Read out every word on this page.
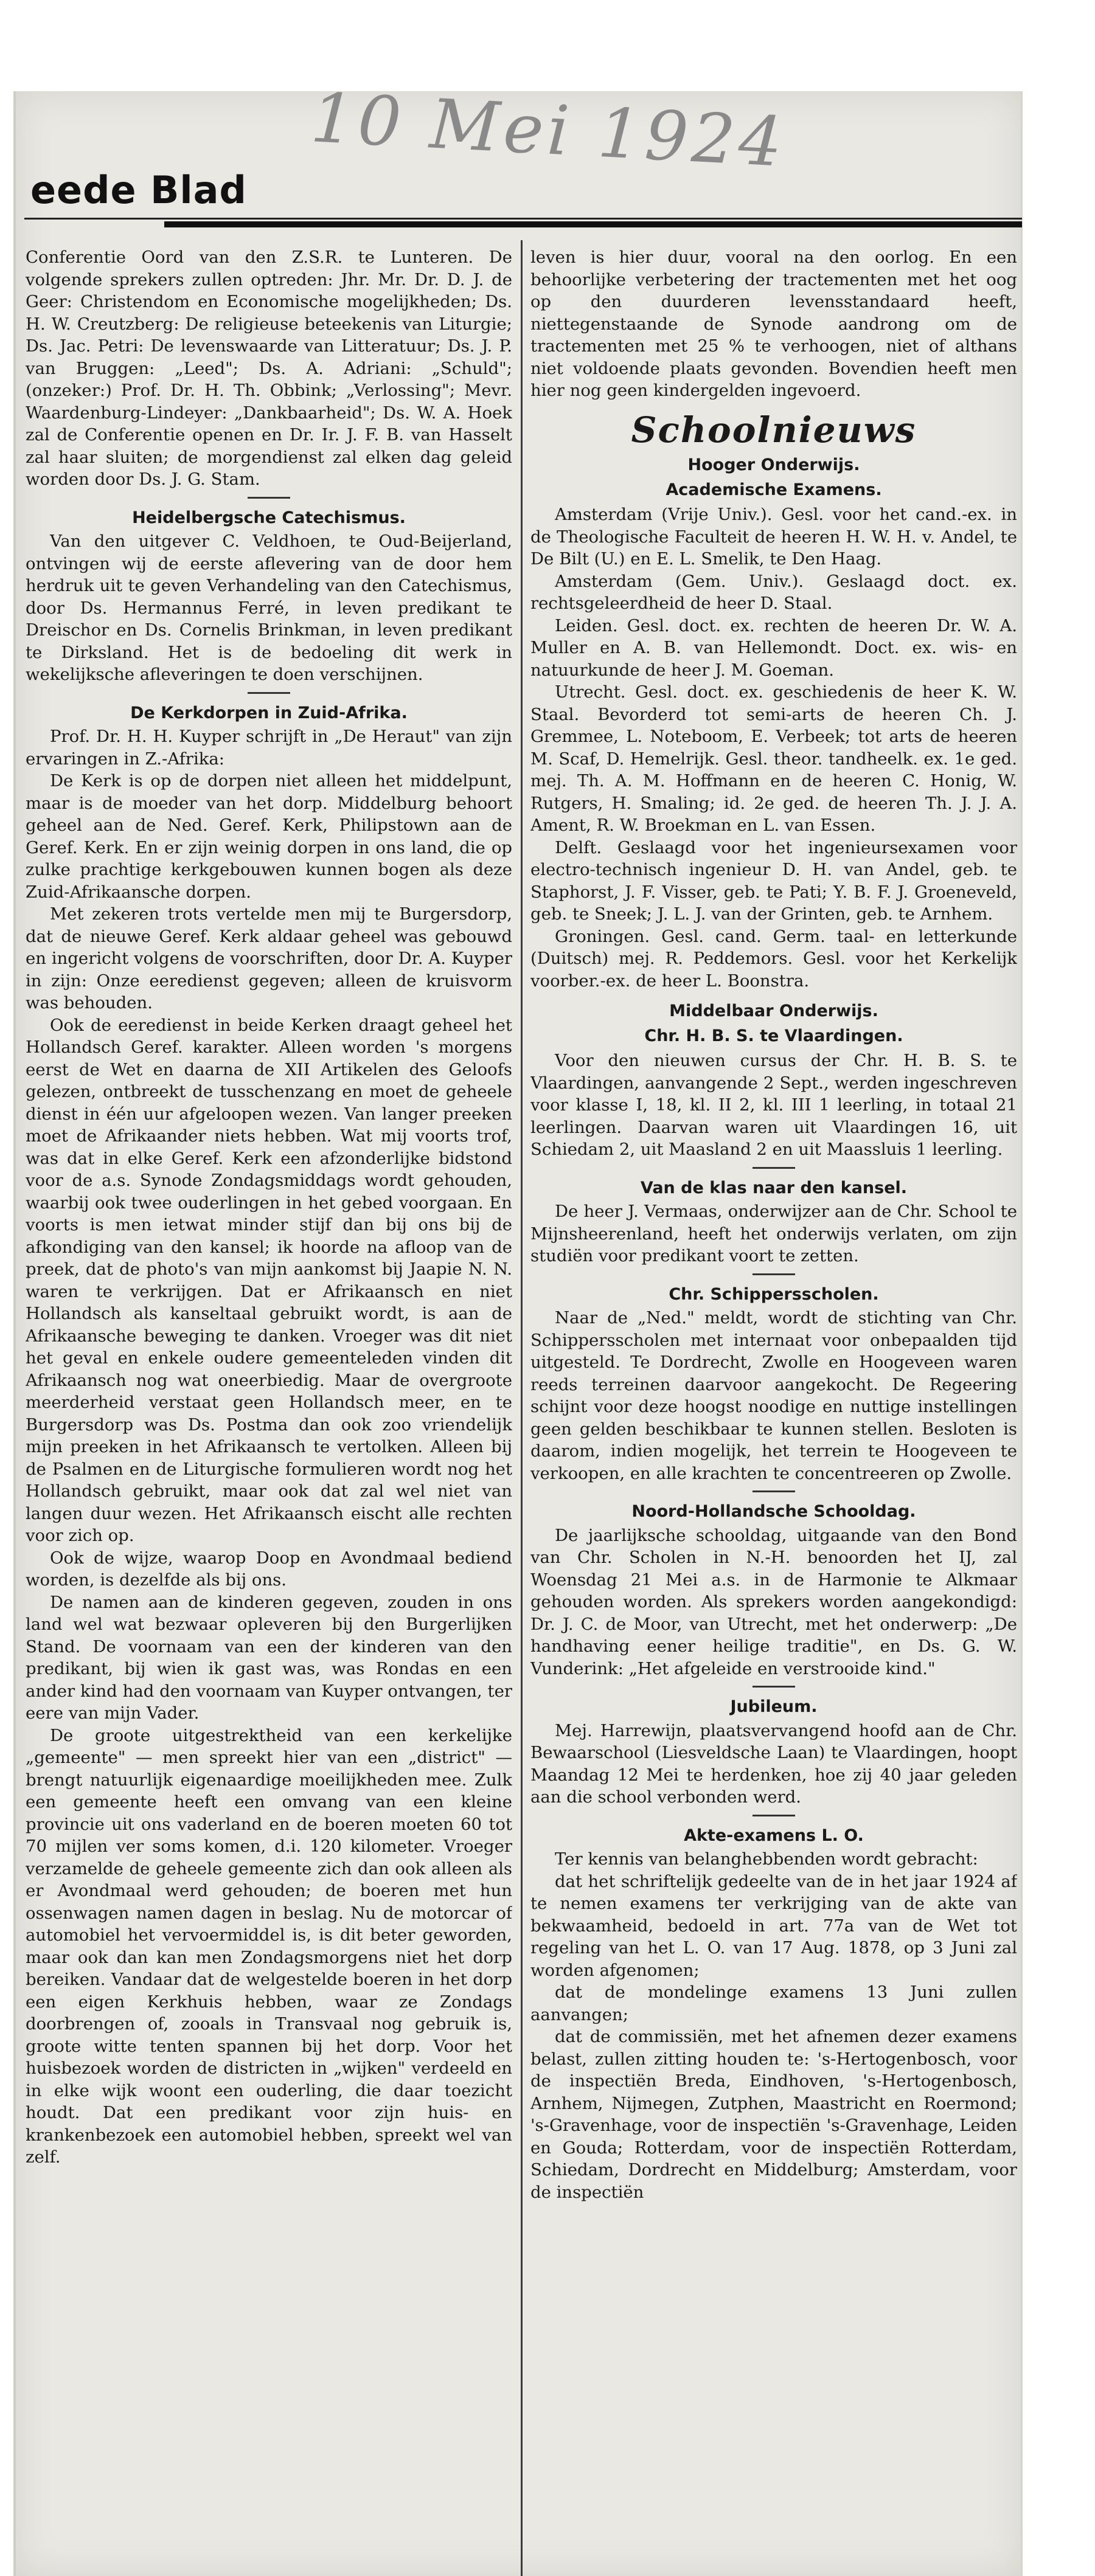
10 Mei 1924
eede Blad

Conferentie Oord van den Z.S.R. te Lunteren. De volgende sprekers zullen optreden: Jhr. Mr. Dr. D. J. de Geer: Christendom en Economische mogelijkheden; Ds. H. W. Creutzberg: De religieuse beteekenis van Liturgie; Ds. Jac. Petri: De levenswaarde van Litteratuur; Ds. J. P. van Bruggen: „Leed"; Ds. A. Adriani: „Schuld"; (onzeker:) Prof. Dr. H. Th. Obbink; „Verlossing"; Mevr. Waardenburg-Lindeyer: „Dankbaarheid"; Ds. W. A. Hoek zal de Conferentie openen en Dr. Ir. J. F. B. van Hasselt zal haar sluiten; de morgendienst zal elken dag geleid worden door Ds. J. G. Stam.

Heidelbergsche Catechismus.

Van den uitgever C. Veldhoen, te Oud-Beijerland, ontvingen wij de eerste aflevering van de door hem herdruk uit te geven Verhandeling van den Catechismus, door Ds. Hermannus Ferré, in leven predikant te Dreischor en Ds. Cornelis Brinkman, in leven predikant te Dirksland. Het is de bedoeling dit werk in wekelijksche afleveringen te doen verschijnen.

De Kerkdorpen in Zuid-Afrika.

Prof. Dr. H. H. Kuyper schrijft in „De Heraut" van zijn ervaringen in Z.-Afrika:

De Kerk is op de dorpen niet alleen het middelpunt, maar is de moeder van het dorp. Middelburg behoort geheel aan de Ned. Geref. Kerk, Philipstown aan de Geref. Kerk. En er zijn weinig dorpen in ons land, die op zulke prachtige kerkgebouwen kunnen bogen als deze Zuid-Afrikaansche dorpen.

Met zekeren trots vertelde men mij te Burgersdorp, dat de nieuwe Geref. Kerk aldaar geheel was gebouwd en ingericht volgens de voorschriften, door Dr. A. Kuyper in zijn: Onze eeredienst gegeven; alleen de kruisvorm was behouden.

Ook de eeredienst in beide Kerken draagt geheel het Hollandsch Geref. karakter. Alleen worden 's morgens eerst de Wet en daarna de XII Artikelen des Geloofs gelezen, ontbreekt de tusschenzang en moet de geheele dienst in één uur afgeloopen wezen. Van langer preeken moet de Afrikaander niets hebben. Wat mij voorts trof, was dat in elke Geref. Kerk een afzonderlijke bidstond voor de a.s. Synode Zondagsmiddags wordt gehouden, waarbij ook twee ouderlingen in het gebed voorgaan. En voorts is men ietwat minder stijf dan bij ons bij de afkondiging van den kansel; ik hoorde na afloop van de preek, dat de photo's van mijn aankomst bij Jaapie N. N. waren te verkrijgen. Dat er Afrikaansch en niet Hollandsch als kanseltaal gebruikt wordt, is aan de Afrikaansche beweging te danken. Vroeger was dit niet het geval en enkele oudere gemeenteleden vinden dit Afrikaansch nog wat oneerbiedig. Maar de overgroote meerderheid verstaat geen Hollandsch meer, en te Burgersdorp was Ds. Postma dan ook zoo vriendelijk mijn preeken in het Afrikaansch te vertolken. Alleen bij de Psalmen en de Liturgische formulieren wordt nog het Hollandsch gebruikt, maar ook dat zal wel niet van langen duur wezen. Het Afrikaansch eischt alle rechten voor zich op.

Ook de wijze, waarop Doop en Avondmaal bediend worden, is dezelfde als bij ons.

De namen aan de kinderen gegeven, zouden in ons land wel wat bezwaar opleveren bij den Burgerlijken Stand. De voornaam van een der kinderen van den predikant, bij wien ik gast was, was Rondas en een ander kind had den voornaam van Kuyper ontvangen, ter eere van mijn Vader.

De groote uitgestrektheid van een kerkelijke „gemeente" — men spreekt hier van een „district" — brengt natuurlijk eigenaardige moeilijkheden mee. Zulk een gemeente heeft een omvang van een kleine provincie uit ons vaderland en de boeren moeten 60 tot 70 mijlen ver soms komen, d.i. 120 kilometer. Vroeger verzamelde de geheele gemeente zich dan ook alleen als er Avondmaal werd gehouden; de boeren met hun ossenwagen namen dagen in beslag. Nu de motorcar of automobiel het vervoermiddel is, is dit beter geworden, maar ook dan kan men Zondagsmorgens niet het dorp bereiken. Vandaar dat de welgestelde boeren in het dorp een eigen Kerkhuis hebben, waar ze Zondags doorbrengen of, zooals in Transvaal nog gebruik is, groote witte tenten spannen bij het dorp. Voor het huisbezoek worden de districten in „wijken" verdeeld en in elke wijk woont een ouderling, die daar toezicht houdt. Dat een predikant voor zijn huis- en krankenbezoek een automobiel hebben, spreekt wel van zelf.

leven is hier duur, vooral na den oorlog. En een behoorlijke verbetering der tractementen met het oog op den duurderen levensstandaard heeft, niettegenstaande de Synode aandrong om de tractementen met 25 % te verhoogen, niet of althans niet voldoende plaats gevonden. Bovendien heeft men hier nog geen kindergelden ingevoerd.

Schoolnieuws
Hooger Onderwijs.
Academische Examens.

Amsterdam (Vrije Univ.). Gesl. voor het cand.-ex. in de Theologische Faculteit de heeren H. W. H. v. Andel, te De Bilt (U.) en E. L. Smelik, te Den Haag.

Amsterdam (Gem. Univ.). Geslaagd doct. ex. rechtsgeleerdheid de heer D. Staal.

Leiden. Gesl. doct. ex. rechten de heeren Dr. W. A. Muller en A. B. van Hellemondt. Doct. ex. wis- en natuurkunde de heer J. M. Goeman.

Utrecht. Gesl. doct. ex. geschiedenis de heer K. W. Staal. Bevorderd tot semi-arts de heeren Ch. J. Gremmee, L. Noteboom, E. Verbeek; tot arts de heeren M. Scaf, D. Hemelrijk. Gesl. theor. tandheelk. ex. 1e ged. mej. Th. A. M. Hoffmann en de heeren C. Honig, W. Rutgers, H. Smaling; id. 2e ged. de heeren Th. J. J. A. Ament, R. W. Broekman en L. van Essen.

Delft. Geslaagd voor het ingenieursexamen voor electro-technisch ingenieur D. H. van Andel, geb. te Staphorst, J. F. Visser, geb. te Pati; Y. B. F. J. Groeneveld, geb. te Sneek; J. L. J. van der Grinten, geb. te Arnhem.

Groningen. Gesl. cand. Germ. taal- en letterkunde (Duitsch) mej. R. Peddemors. Gesl. voor het Kerkelijk voorber.-ex. de heer L. Boonstra.

Middelbaar Onderwijs.
Chr. H. B. S. te Vlaardingen.

Voor den nieuwen cursus der Chr. H. B. S. te Vlaardingen, aanvangende 2 Sept., werden ingeschreven voor klasse I, 18, kl. II 2, kl. III 1 leerling, in totaal 21 leerlingen. Daarvan waren uit Vlaardingen 16, uit Schiedam 2, uit Maasland 2 en uit Maassluis 1 leerling.

Van de klas naar den kansel.

De heer J. Vermaas, onderwijzer aan de Chr. School te Mijnsheerenland, heeft het onderwijs verlaten, om zijn studiën voor predikant voort te zetten.

Chr. Schippersscholen.

Naar de „Ned." meldt, wordt de stichting van Chr. Schippersscholen met internaat voor onbepaalden tijd uitgesteld. Te Dordrecht, Zwolle en Hoogeveen waren reeds terreinen daarvoor aangekocht. De Regeering schijnt voor deze hoogst noodige en nuttige instellingen geen gelden beschikbaar te kunnen stellen. Besloten is daarom, indien mogelijk, het terrein te Hoogeveen te verkoopen, en alle krachten te concentreeren op Zwolle.

Noord-Hollandsche Schooldag.

De jaarlijksche schooldag, uitgaande van den Bond van Chr. Scholen in N.-H. benoorden het IJ, zal Woensdag 21 Mei a.s. in de Harmonie te Alkmaar gehouden worden. Als sprekers worden aangekondigd: Dr. J. C. de Moor, van Utrecht, met het onderwerp: „De handhaving eener heilige traditie", en Ds. G. W. Vunderink: „Het afgeleide en verstrooide kind."

Jubileum.

Mej. Harrewijn, plaatsvervangend hoofd aan de Chr. Bewaarschool (Liesveldsche Laan) te Vlaardingen, hoopt Maandag 12 Mei te herdenken, hoe zij 40 jaar geleden aan die school verbonden werd.

Akte-examens L. O.

Ter kennis van belanghebbenden wordt gebracht:

dat het schriftelijk gedeelte van de in het jaar 1924 af te nemen examens ter verkrijging van de akte van bekwaamheid, bedoeld in art. 77a van de Wet tot regeling van het L. O. van 17 Aug. 1878, op 3 Juni zal worden afgenomen;

dat de mondelinge examens 13 Juni zullen aanvangen;

dat de commissiën, met het afnemen dezer examens belast, zullen zitting houden te: 's-Hertogenbosch, voor de inspectiën Breda, Eindhoven, 's-Hertogenbosch, Arnhem, Nijmegen, Zutphen, Maastricht en Roermond; 's-Gravenhage, voor de inspectiën 's-Gravenhage, Leiden en Gouda; Rotterdam, voor de inspectiën Rotterdam, Schiedam, Dordrecht en Middelburg; Amsterdam, voor de inspectiën
